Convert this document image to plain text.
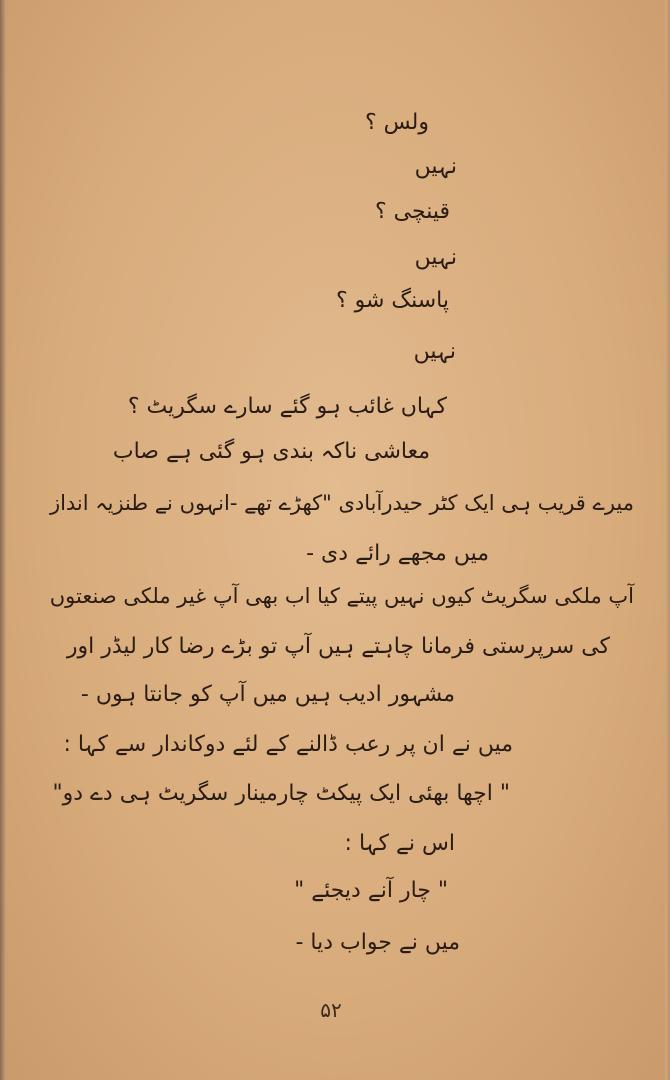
ولس ؟
نہیں
قینچی ؟
نہیں
پاسنگ شو ؟
نہیں
کہاں غائب ہو گئے سارے سگریٹ ؟
معاشی ناکہ بندی ہو گئی ہے صاب
میرے قریب ہی ایک کٹر حیدرآبادی "کھڑے تھے -انہوں نے طنزیہ انداز
میں مجھے رائے دی -
آپ ملکی سگریٹ کیوں نہیں پیتے کیا اب بھی آپ غیر ملکی صنعتوں
کی سرپرستی فرمانا چاہتے ہیں آپ تو بڑے رضا کار لیڈر اور
مشہور ادیب ہیں میں آپ کو جانتا ہوں -
میں نے ان پر رعب ڈالنے کے لئے دوکاندار سے کہا :
" اچھا بھئی ایک پیکٹ چارمینار سگریٹ ہی دے دو"
اس نے کہا :
" چار آنے دیجئے "
میں نے جواب دیا -
۵۲
